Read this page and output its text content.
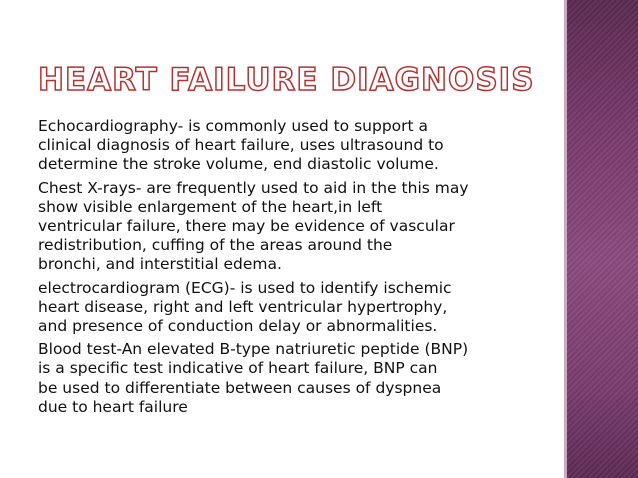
HEART FAILURE DIAGNOSIS

Echocardiography- is commonly used to support a
clinical diagnosis of heart failure, uses ultrasound to
determine the stroke volume, end diastolic volume.

Chest X-rays- are frequently used to aid in the this may
show visible enlargement of the heart,in left
ventricular failure, there may be evidence of vascular
redistribution, cuffing of the areas around the
bronchi, and interstitial edema.

electrocardiogram (ECG)- is used to identify ischemic
heart disease, right and left ventricular hypertrophy,
and presence of conduction delay or abnormalities.

Blood test-An elevated B-type natriuretic peptide (BNP)
is a specific test indicative of heart failure, BNP can
be used to differentiate between causes of dyspnea
due to heart failure
